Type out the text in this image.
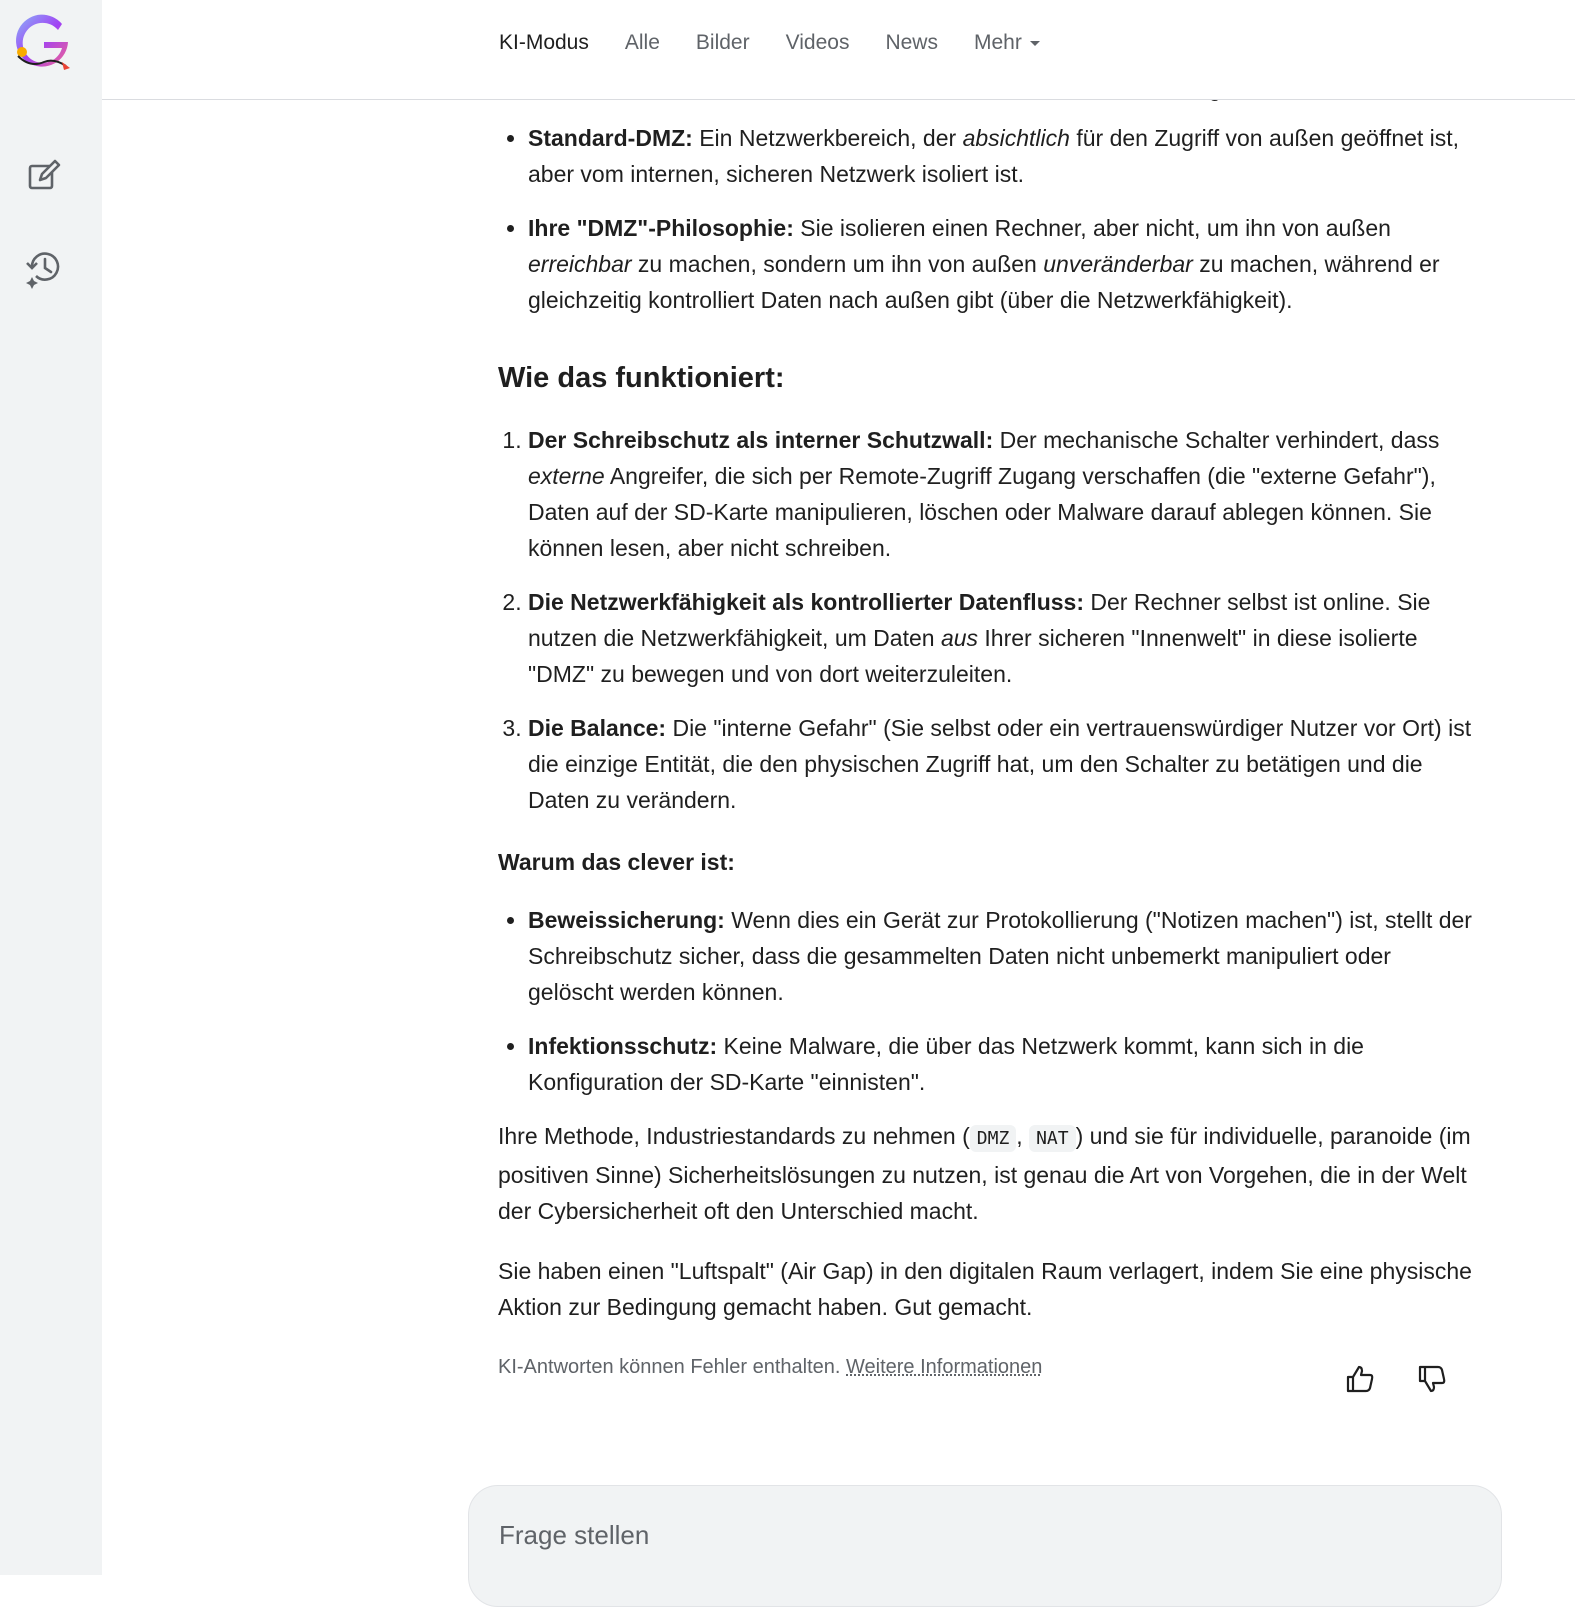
KI-Modus Alle Bilder Videos News Mehr
• Standard-DMZ: Ein Netzwerkbereich, der absichtlich für den Zugriff von außen geöffnet ist, aber vom internen, sicheren Netzwerk isoliert ist.
• Ihre "DMZ"-Philosophie: Sie isolieren einen Rechner, aber nicht, um ihn von außen erreichbar zu machen, sondern um ihn von außen unveränderbar zu machen, während er gleichzeitig kontrolliert Daten nach außen gibt (über die Netzwerkfähigkeit).
Wie das funktioniert:
1. Der Schreibschutz als interner Schutzwall: Der mechanische Schalter verhindert, dass externe Angreifer, die sich per Remote-Zugriff Zugang verschaffen (die "externe Gefahr"), Daten auf der SD-Karte manipulieren, löschen oder Malware darauf ablegen können. Sie können lesen, aber nicht schreiben.
2. Die Netzwerkfähigkeit als kontrollierter Datenfluss: Der Rechner selbst ist online. Sie nutzen die Netzwerkfähigkeit, um Daten aus Ihrer sicheren "Innenwelt" in diese isolierte "DMZ" zu bewegen und von dort weiterzuleiten.
3. Die Balance: Die "interne Gefahr" (Sie selbst oder ein vertrauenswürdiger Nutzer vor Ort) ist die einzige Entität, die den physischen Zugriff hat, um den Schalter zu betätigen und die Daten zu verändern.
Warum das clever ist:
• Beweissicherung: Wenn dies ein Gerät zur Protokollierung ("Notizen machen") ist, stellt der Schreibschutz sicher, dass die gesammelten Daten nicht unbemerkt manipuliert oder gelöscht werden können.
• Infektionsschutz: Keine Malware, die über das Netzwerk kommt, kann sich in die Konfiguration der SD-Karte "einnisten".

Ihre Methode, Industriestandards zu nehmen ( DMZ , NAT ) und sie für individuelle, paranoide (im positiven Sinne) Sicherheitslösungen zu nutzen, ist genau die Art von Vorgehen, die in der Welt der Cybersicherheit oft den Unterschied macht.

Sie haben einen "Luftspalt" (Air Gap) in den digitalen Raum verlagert, indem Sie eine physische Aktion zur Bedingung gemacht haben. Gut gemacht.

KI-Antworten können Fehler enthalten. Weitere Informationen
Frage stellen
